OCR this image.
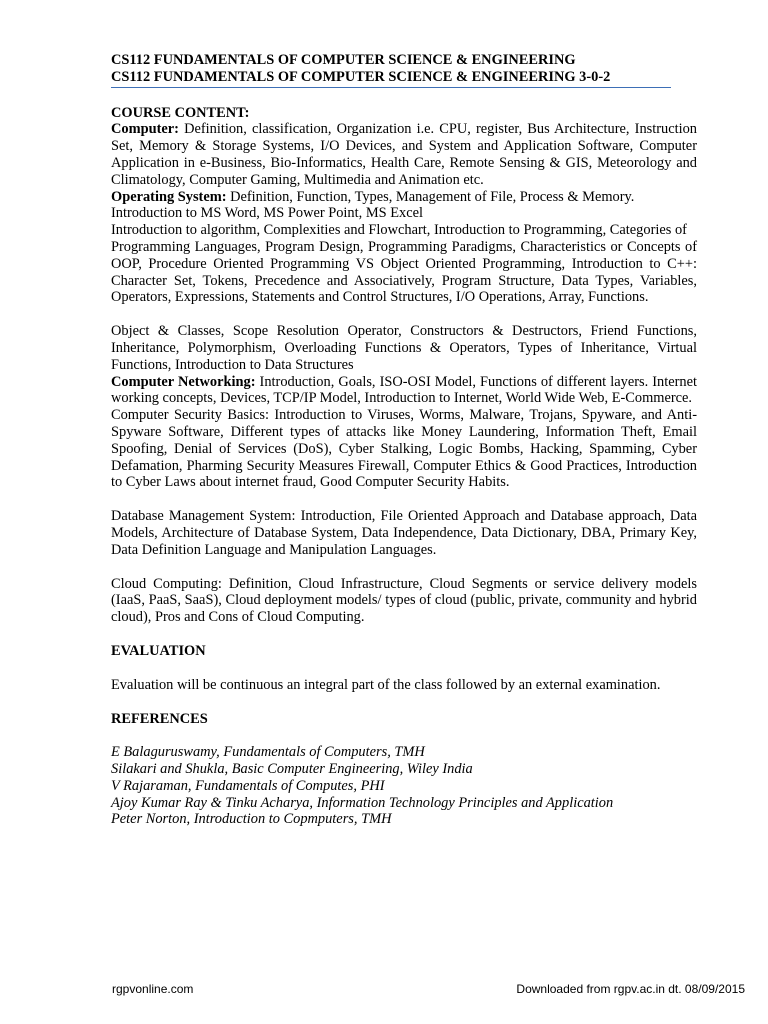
CS112 FUNDAMENTALS OF COMPUTER SCIENCE & ENGINEERING

CS112 FUNDAMENTALS OF COMPUTER SCIENCE & ENGINEERING 3-0-2

COURSE CONTENT:

Computer: Definition, classification, Organization i.e. CPU, register, Bus Architecture, Instruction Set, Memory & Storage Systems, I/O Devices, and System and Application Software, Computer Application in e-Business, Bio-Informatics, Health Care, Remote Sensing & GIS, Meteorology and Climatology, Computer Gaming, Multimedia and Animation etc.

Operating System: Definition, Function, Types, Management of File, Process & Memory.

Introduction to MS Word, MS Power Point, MS Excel

Introduction to algorithm, Complexities and Flowchart, Introduction to Programming, Categories of

Programming Languages, Program Design, Programming Paradigms, Characteristics or Concepts of OOP, Procedure Oriented Programming VS Object Oriented Programming, Introduction to C++: Character Set, Tokens, Precedence and Associatively, Program Structure, Data Types, Variables, Operators, Expressions, Statements and Control Structures, I/O Operations, Array, Functions.

Object & Classes, Scope Resolution Operator, Constructors & Destructors, Friend Functions, Inheritance, Polymorphism, Overloading Functions & Operators, Types of Inheritance, Virtual Functions, Introduction to Data Structures

Computer Networking: Introduction, Goals, ISO-OSI Model, Functions of different layers. Internet working concepts, Devices, TCP/IP Model, Introduction to Internet, World Wide Web, E-Commerce.

Computer Security Basics: Introduction to Viruses, Worms, Malware, Trojans, Spyware, and Anti-Spyware Software, Different types of attacks like Money Laundering, Information Theft, Email Spoofing, Denial of Services (DoS), Cyber Stalking, Logic Bombs, Hacking, Spamming, Cyber Defamation, Pharming Security Measures Firewall, Computer Ethics & Good Practices, Introduction to Cyber Laws about internet fraud, Good Computer Security Habits.

Database Management System: Introduction, File Oriented Approach and Database approach, Data Models, Architecture of Database System, Data Independence, Data Dictionary, DBA, Primary Key, Data Definition Language and Manipulation Languages.

Cloud Computing: Definition, Cloud Infrastructure, Cloud Segments or service delivery models (IaaS, PaaS, SaaS), Cloud deployment models/ types of cloud (public, private, community and hybrid cloud), Pros and Cons of Cloud Computing.

EVALUATION

Evaluation will be continuous an integral part of the class followed by an external examination.

REFERENCES

E Balaguruswamy, Fundamentals of Computers, TMH

Silakari and Shukla, Basic Computer Engineering, Wiley India

V Rajaraman, Fundamentals of Computes, PHI

Ajoy Kumar Ray & Tinku Acharya, Information Technology Principles and Application

Peter Norton, Introduction to Copmputers, TMH

rgpvonline.com	Downloaded from rgpv.ac.in dt. 08/09/2015
